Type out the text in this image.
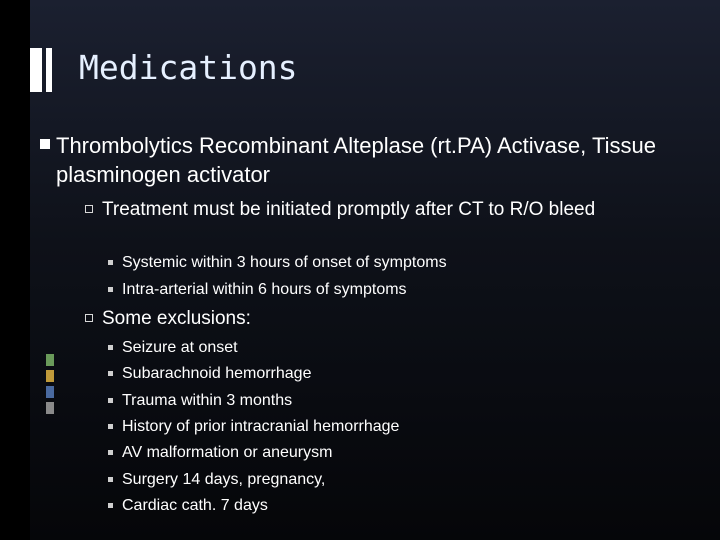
Medications
Thrombolytics Recombinant Alteplase (rt.PA) Activase, Tissue plasminogen activator
Treatment must be initiated promptly after CT to R/O bleed
Systemic within 3 hours of onset of symptoms
Intra-arterial within 6 hours of symptoms
Some exclusions:
Seizure at onset
Subarachnoid hemorrhage
Trauma within 3 months
History of prior intracranial hemorrhage
AV malformation or aneurysm
Surgery 14 days, pregnancy,
Cardiac cath. 7 days
